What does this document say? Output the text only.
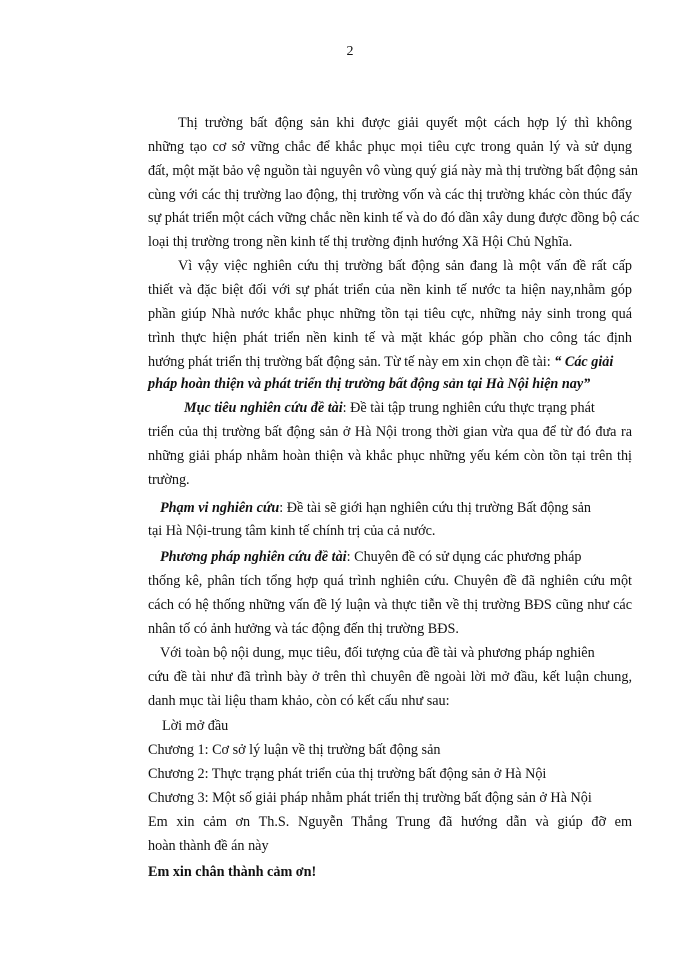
2
Thị trường bất động sản khi được giải quyết một cách hợp lý thì không
những tạo cơ sở vững chắc để khắc phục mọi tiêu cực trong quản lý và sử dụng
đất, một mặt bảo vệ nguồn tài nguyên vô vùng quý giá này mà thị trường bất động sản
cùng với các thị trường lao động, thị trường vốn và các thị trường khác còn thúc đẩy
sự phát triển một cách vững chắc nền kinh tế và do đó dần xây dung được đồng bộ các
loại thị trường trong nền kinh tế thị trường định hướng Xã Hội Chủ Nghĩa.
Vì vậy việc nghiên cứu thị trường bất động sản đang là một vấn đề rất cấp
thiết và đặc biệt đối với sự phát triển của nền kinh tế nước ta hiện nay,nhằm góp
phần giúp Nhà nước khắc phục những tồn tại tiêu cực, những nảy sinh trong quá
trình thực hiện phát triển nền kinh tế và mặt khác góp phần cho công tác định
hướng phát triển thị trường bất động sản. Từ tế này em xin chọn đề tài: “ Các giải
pháp hoàn thiện và phát triển thị trường bất động sản tại Hà Nội hiện nay”
Mục tiêu nghiên cứu đề tài: Đề tài tập trung nghiên cứu thực trạng phát
triển của thị trường bất động sản ở Hà Nội trong thời gian vừa qua để từ đó đưa ra
những giải pháp nhằm hoàn thiện và khắc phục những yếu kém còn tồn tại trên thị
trường.
Phạm vi nghiên cứu: Đề tài sẽ giới hạn nghiên cứu thị trường Bất động sản
tại Hà Nội-trung tâm kinh tế chính trị của cả nước.
Phương pháp nghiên cứu đề tài: Chuyên đề có sử dụng các phương pháp
thống kê, phân tích tổng hợp quá trình nghiên cứu. Chuyên đề đã nghiên cứu một
cách có hệ thống những vấn đề lý luận và thực tiễn về thị trường BĐS cũng như các
nhân tố có ảnh hưởng và tác động đến thị trường BĐS.
Với toàn bộ nội dung, mục tiêu, đối tượng của đề tài và phương pháp nghiên
cứu đề tài như đã trình bày ở trên thì chuyên đề ngoài lời mở đầu, kết luận chung,
danh mục tài liệu tham khảo, còn có kết cấu như sau:
Lời mở đầu
Chương 1: Cơ sở lý luận về thị trường bất động sản
Chương 2: Thực trạng phát triển của thị trường bất động sản ở Hà Nội
Chương 3: Một số giải pháp nhằm phát triển thị trường bất động sản ở Hà Nội
Em xin cảm ơn Th.S. Nguyễn Thắng Trung đã hướng dẫn và giúp đỡ em
hoàn thành đề án này
Em xin chân thành cảm ơn!
